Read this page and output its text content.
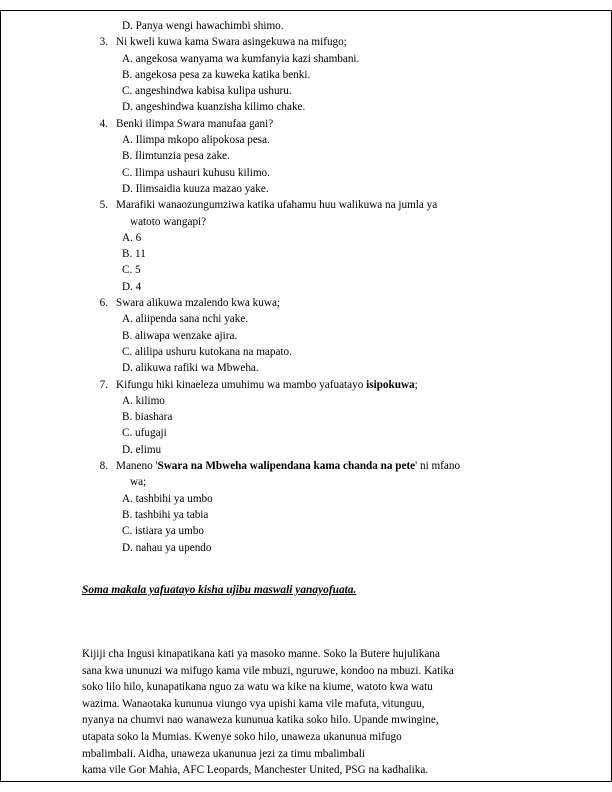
D. Panya wengi hawachimbi shimo.
3. Ni kweli kuwa kama Swara asingekuwa na mifugo;
A. angekosa wanyama wa kumfanyia kazi shambani.
B. angekosa pesa za kuweka katika benki.
C. angeshindwa kabisa kulipa ushuru.
D. angeshindwa kuanzisha kilimo chake.
4. Benki ilimpa Swara manufaa gani?
A. Ilimpa mkopo alipokosa pesa.
B. Ilimtunzia pesa zake.
C. Ilimpa ushauri kuhusu kilimo.
D. Ilimsaidia kuuza mazao yake.
5. Marafiki wanaozungumziwa katika ufahamu huu walikuwa na jumla ya
watoto wangapi?
A. 6
B. 11
C. 5
D. 4
6. Swara alikuwa mzalendo kwa kuwa;
A. aliipenda sana nchi yake.
B. aliwapa wenzake ajira.
C. alilipa ushuru kutokana na mapato.
D. alikuwa rafiki wa Mbweha.
7. Kifungu hiki kinaeleza umuhimu wa mambo yafuatayo isipokuwa;
A. kilimo
B. biashara
C. ufugaji
D. elimu
8. Maneno 'Swara na Mbweha walipendana kama chanda na pete' ni mfano
wa;
A. tashbihi ya umbo
B. tashbihi ya tabia
C. istiara ya umbo
D. nahau ya upendo
Soma makala yafuatayo kisha ujibu maswali yanayofuata.

Kijiji cha Ingusi kinapatikana kati ya masoko manne. Soko la Butere hujulikana

sana kwa ununuzi wa mifugo kama vile mbuzi, nguruwe, kondoo na mbuzi. Katika

soko lilo hilo, kunapatikana nguo za watu wa kike na kiume, watoto kwa watu

wazima. Wanaotaka kununua viungo vya upishi kama vile mafuta, vitunguu,

nyanya na chumvi nao wanaweza kununua katika soko hilo. Upande mwingine,

utapata soko la Mumias. Kwenye soko hilo, unaweza ukanunua mifugo

mbalimbali. Aidha, unaweza ukanunua jezi za timu mbalimbali

kama vile Gor Mahia, AFC Leopards, Manchester United, PSG na kadhalika.
